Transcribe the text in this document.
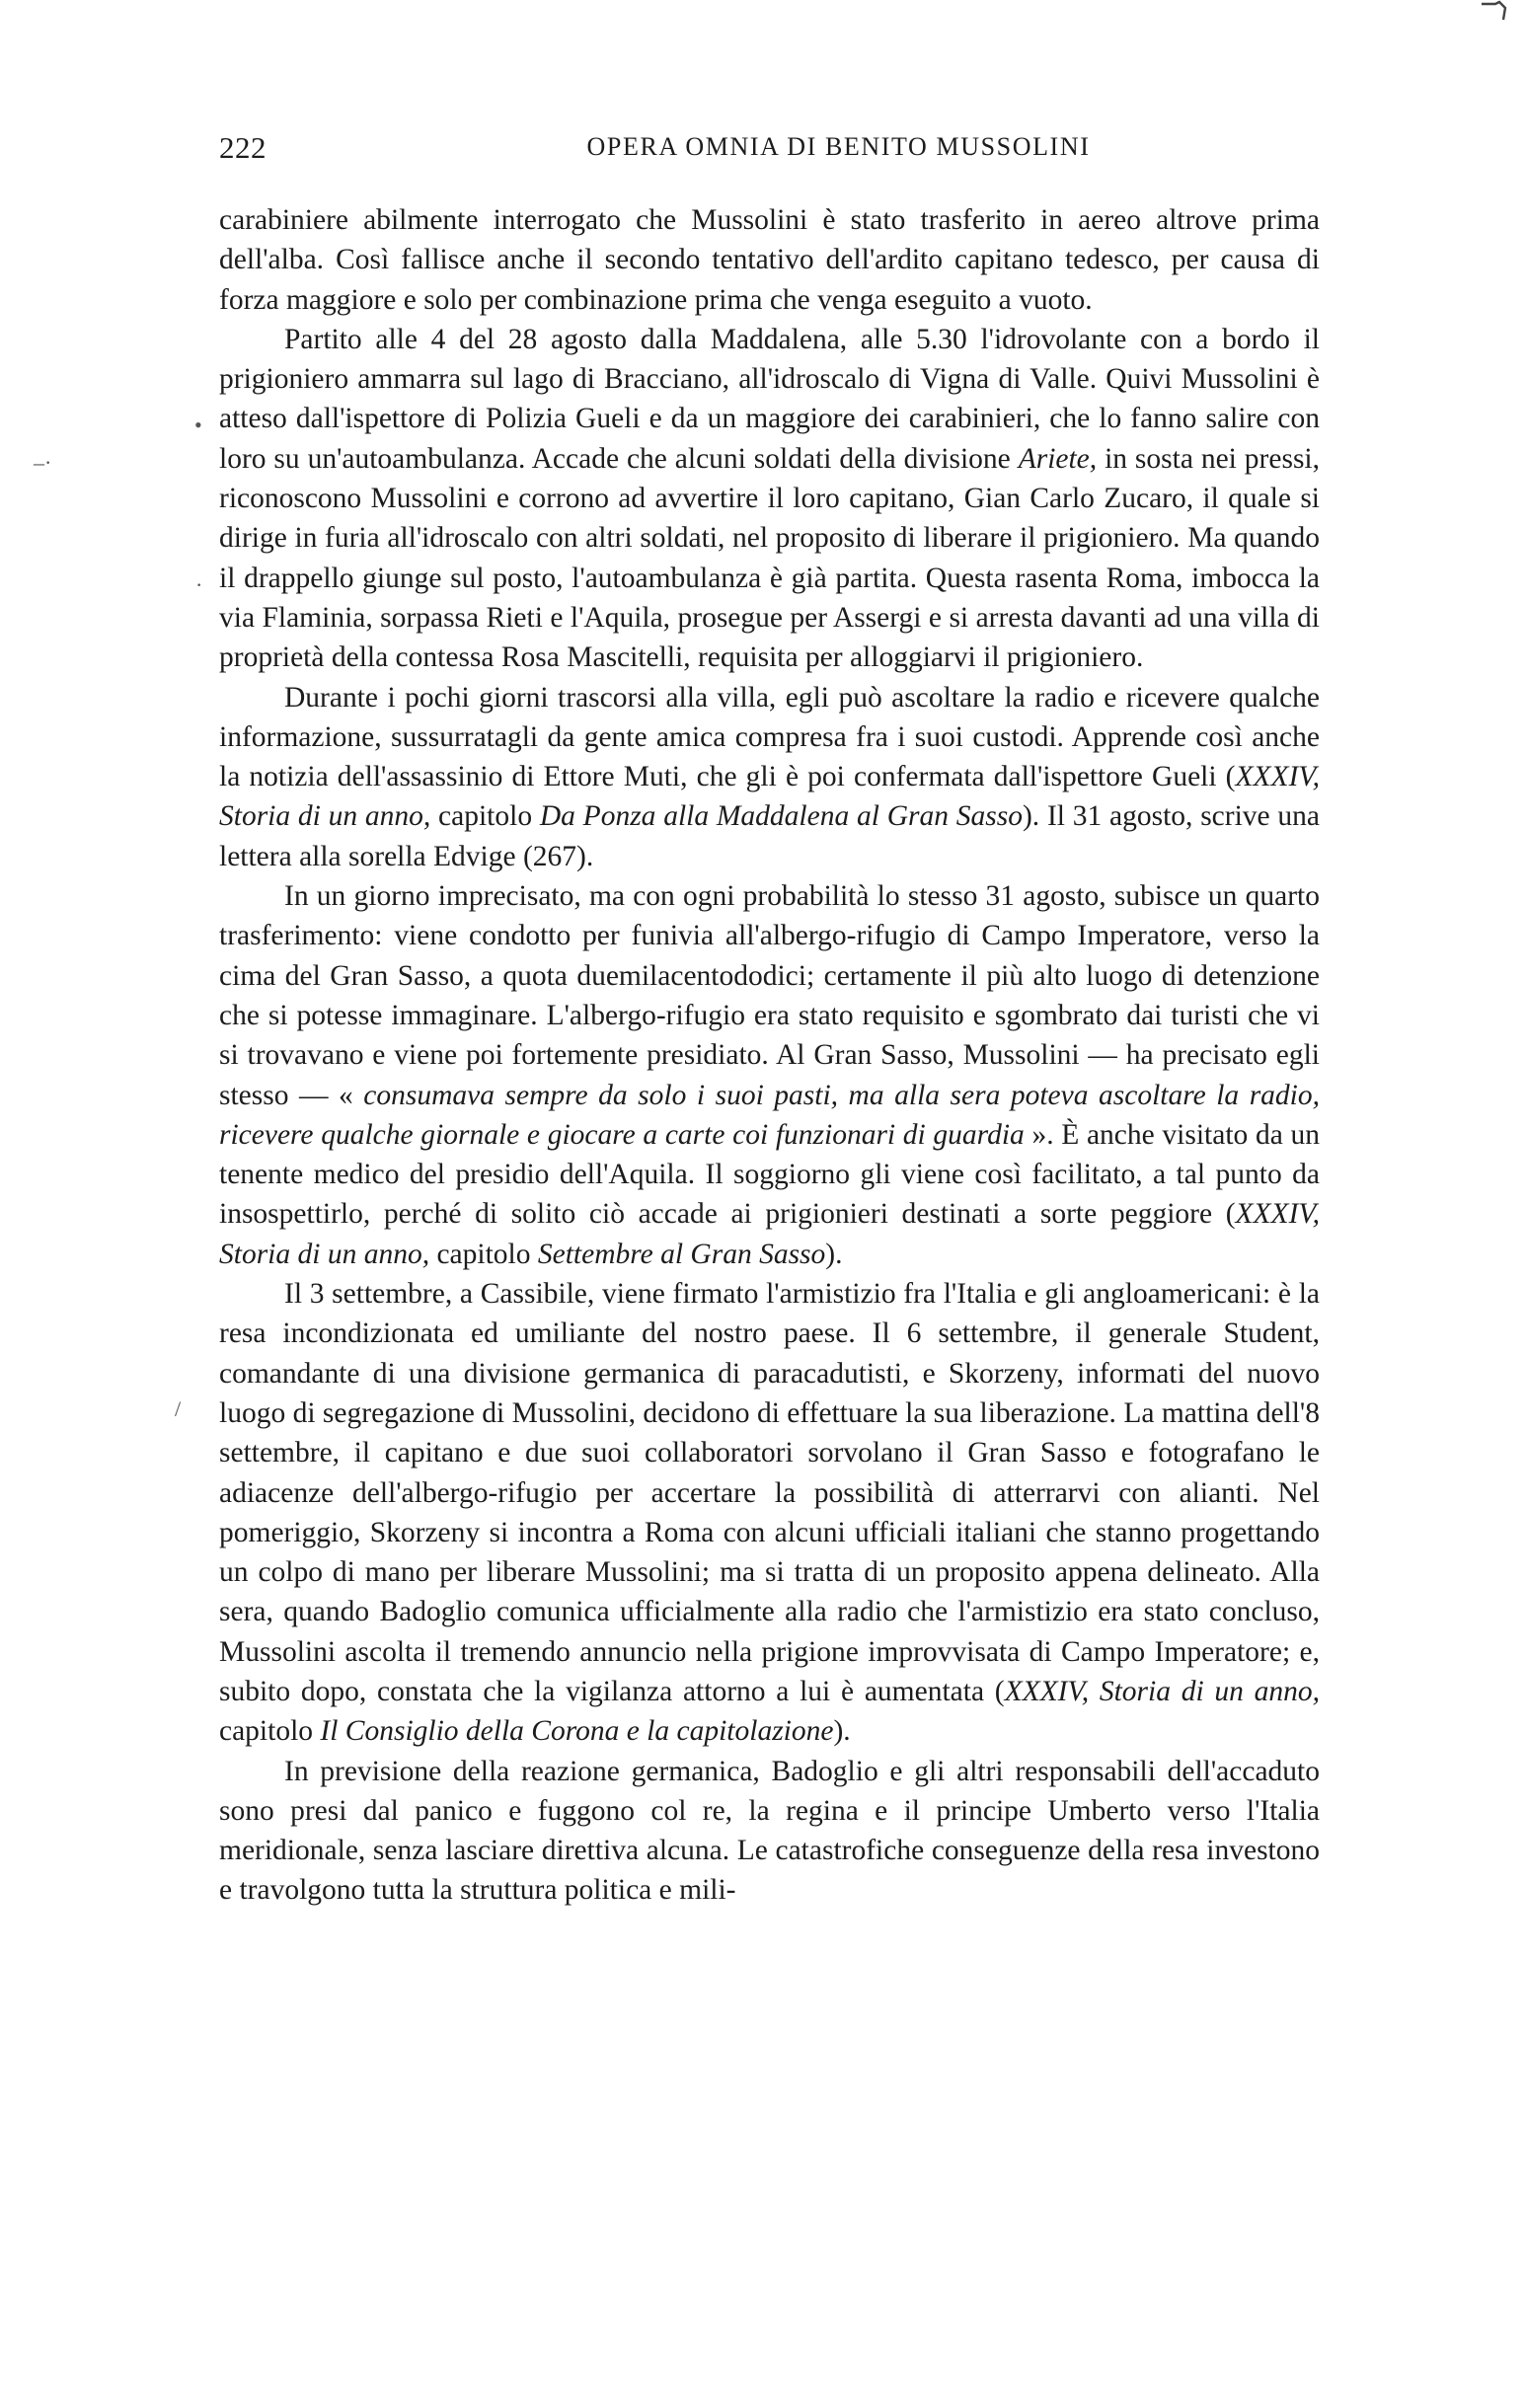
222	OPERA OMNIA DI BENITO MUSSOLINI
•
–·
·
/

carabiniere abilmente interrogato che Mussolini è stato trasferito in aereo altrove prima dell'alba. Così fallisce anche il secondo tentativo dell'ardito capitano tedesco, per causa di forza maggiore e solo per combinazione prima che venga eseguito a vuoto.

Partito alle 4 del 28 agosto dalla Maddalena, alle 5.30 l'idrovolante con a bordo il prigioniero ammarra sul lago di Bracciano, all'idroscalo di Vigna di Valle. Quivi Mussolini è atteso dall'ispettore di Polizia Gueli e da un maggiore dei carabinieri, che lo fanno salire con loro su un'autoambulanza. Accade che alcuni soldati della divisione Ariete, in sosta nei pressi, riconoscono Mussolini e corrono ad avvertire il loro capitano, Gian Carlo Zucaro, il quale si dirige in furia all'idroscalo con altri soldati, nel proposito di liberare il prigioniero. Ma quando il drappello giunge sul posto, l'autoambulanza è già partita. Questa rasenta Roma, imbocca la via Flaminia, sorpassa Rieti e l'Aquila, prosegue per Assergi e si arresta davanti ad una villa di proprietà della contessa Rosa Mascitelli, requisita per alloggiarvi il prigioniero.

Durante i pochi giorni trascorsi alla villa, egli può ascoltare la radio e ricevere qualche informazione, sussurratagli da gente amica compresa fra i suoi custodi. Apprende così anche la notizia dell'assassinio di Ettore Muti, che gli è poi confermata dall'ispettore Gueli (XXXIV, Storia di un anno, capitolo Da Ponza alla Maddalena al Gran Sasso). Il 31 agosto, scrive una lettera alla sorella Edvige (267).

In un giorno imprecisato, ma con ogni probabilità lo stesso 31 agosto, subisce un quarto trasferimento: viene condotto per funivia all'albergo-rifugio di Campo Imperatore, verso la cima del Gran Sasso, a quota duemilacentododici; certamente il più alto luogo di detenzione che si potesse immaginare. L'albergo-rifugio era stato requisito e sgombrato dai turisti che vi si trovavano e viene poi fortemente presidiato. Al Gran Sasso, Mussolini — ha precisato egli stesso — « consumava sempre da solo i suoi pasti, ma alla sera poteva ascoltare la radio, ricevere qualche giornale e giocare a carte coi funzionari di guardia ». È anche visitato da un tenente medico del presidio dell'Aquila. Il soggiorno gli viene così facilitato, a tal punto da insospettirlo, perché di solito ciò accade ai prigionieri destinati a sorte peggiore (XXXIV, Storia di un anno, capitolo Settembre al Gran Sasso).

Il 3 settembre, a Cassibile, viene firmato l'armistizio fra l'Italia e gli angloamericani: è la resa incondizionata ed umiliante del nostro paese. Il 6 settembre, il generale Student, comandante di una divisione germanica di paracadutisti, e Skorzeny, informati del nuovo luogo di segregazione di Mussolini, decidono di effettuare la sua liberazione. La mattina dell'8 settembre, il capitano e due suoi collaboratori sorvolano il Gran Sasso e fotografano le adiacenze dell'albergo-rifugio per accertare la possibilità di atterrarvi con alianti. Nel pomeriggio, Skorzeny si incontra a Roma con alcuni ufficiali italiani che stanno progettando un colpo di mano per liberare Mussolini; ma si tratta di un proposito appena delineato. Alla sera, quando Badoglio comunica ufficialmente alla radio che l'armistizio era stato concluso, Mussolini ascolta il tremendo annuncio nella prigione improvvisata di Campo Imperatore; e, subito dopo, constata che la vigilanza attorno a lui è aumentata (XXXIV, Storia di un anno, capitolo Il Consiglio della Corona e la capitolazione).

In previsione della reazione germanica, Badoglio e gli altri responsabili dell'accaduto sono presi dal panico e fuggono col re, la regina e il principe Umberto verso l'Italia meridionale, senza lasciare direttiva alcuna. Le catastrofiche conseguenze della resa investono e travolgono tutta la struttura politica e mili-
